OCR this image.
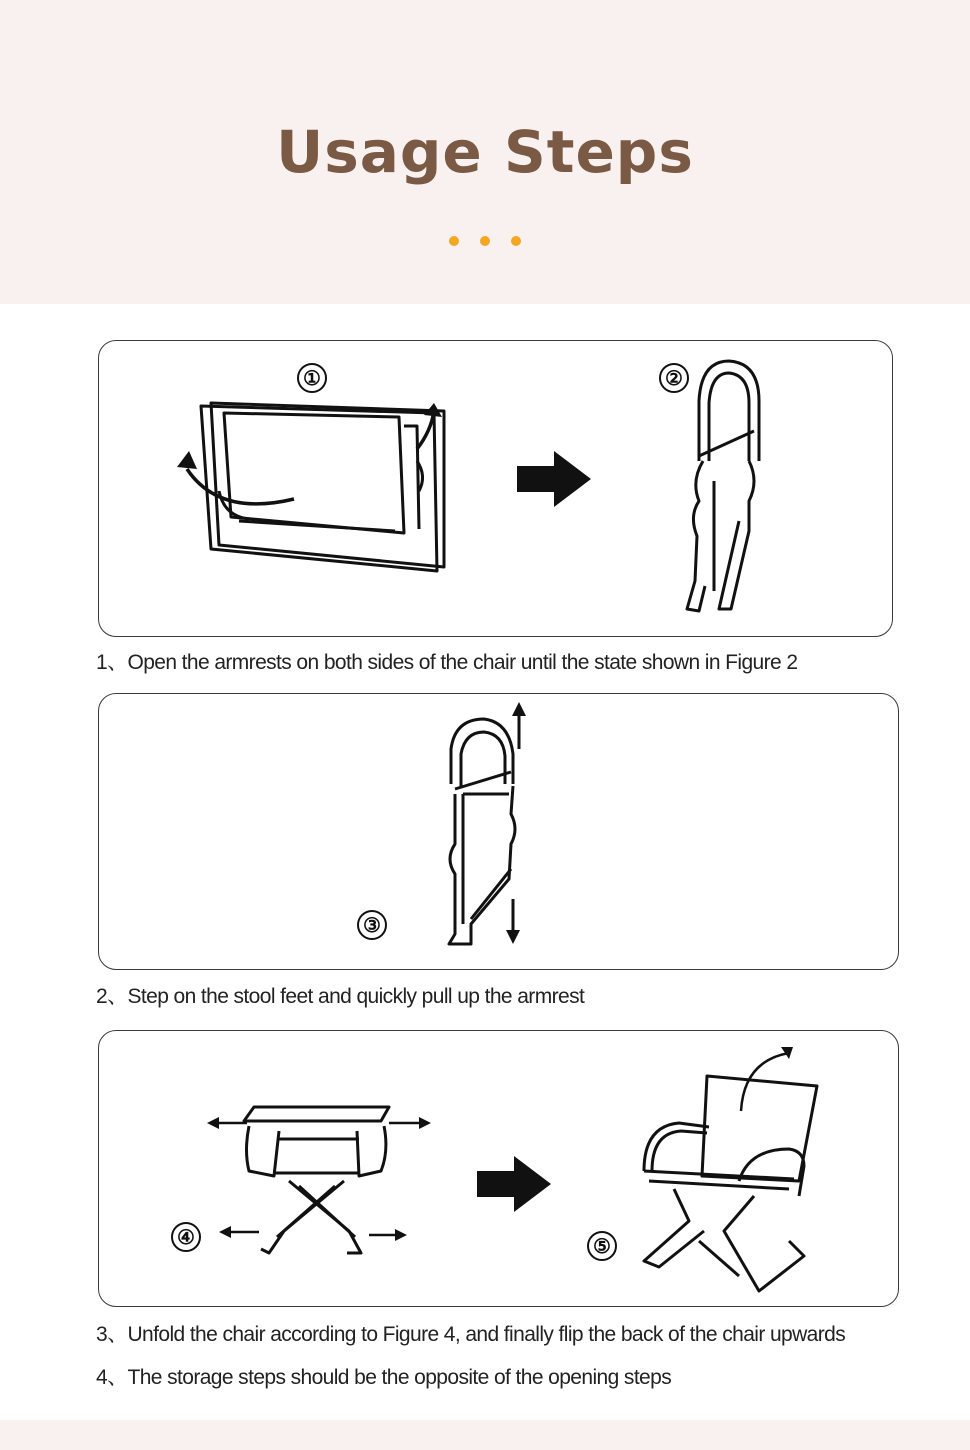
Usage Steps
①	②
1、Open the armrests on both sides of the chair until the state shown in Figure 2
③
2、Step on the stool feet and quickly pull up the armrest
④	⑤
3、Unfold the chair according to Figure 4, and finally flip the back of the chair upwards
4、The storage steps should be the opposite of the opening steps
